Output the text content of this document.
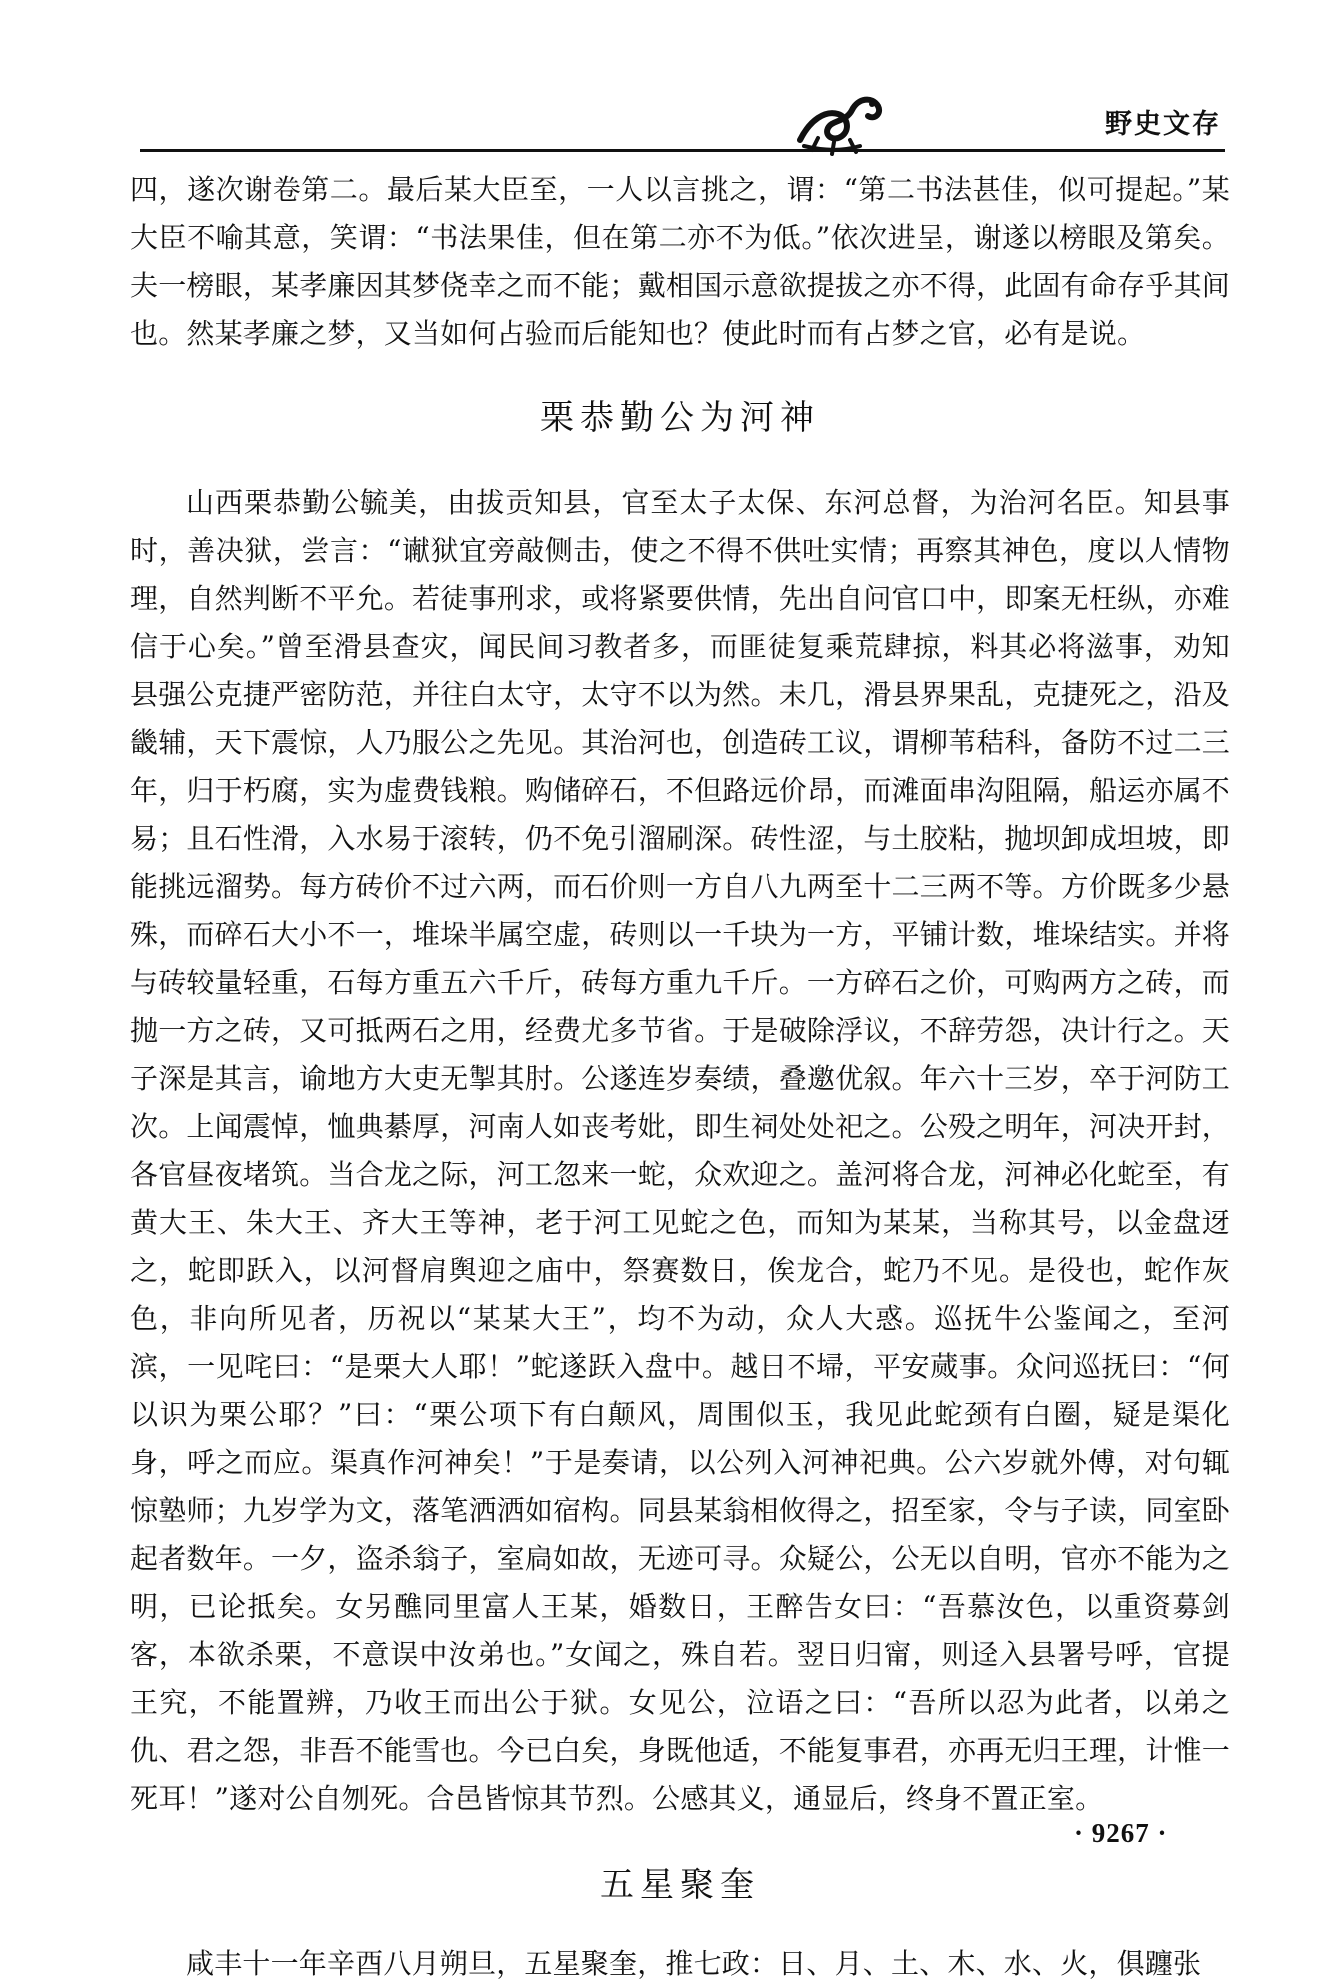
野史文存

四，遂次谢卷第二。最后某大臣至，一人以言挑之，谓：“第二书法甚佳，似可提起。”某大臣不喻其意，笑谓：“书法果佳，但在第二亦不为低。”依次进呈，谢遂以榜眼及第矣。夫一榜眼，某孝廉因其梦侥幸之而不能；戴相国示意欲提拔之亦不得，此固有命存乎其间也。然某孝廉之梦，又当如何占验而后能知也？使此时而有占梦之官，必有是说。

栗恭勤公为河神

山西栗恭勤公毓美，由拔贡知县，官至太子太保、东河总督，为治河名臣。知县事时，善决狱，尝言：“谳狱宜旁敲侧击，使之不得不供吐实情；再察其神色，度以人情物理，自然判断不平允。若徒事刑求，或将紧要供情，先出自问官口中，即案无枉纵，亦难信于心矣。”曾至滑县查灾，闻民间习教者多，而匪徒复乘荒肆掠，料其必将滋事，劝知县强公克捷严密防范，并往白太守，太守不以为然。未几，滑县界果乱，克捷死之，沿及畿辅，天下震惊，人乃服公之先见。其治河也，创造砖工议，谓柳苇秸科，备防不过二三年，归于朽腐，实为虚费钱粮。购储碎石，不但路远价昂，而滩面串沟阻隔，船运亦属不易；且石性滑，入水易于滚转，仍不免引溜刷深。砖性涩，与土胶粘，抛坝卸成坦坡，即能挑远溜势。每方砖价不过六两，而石价则一方自八九两至十二三两不等。方价既多少悬殊，而碎石大小不一，堆垛半属空虚，砖则以一千块为一方，平铺计数，堆垛结实。并将与砖较量轻重，石每方重五六千斤，砖每方重九千斤。一方碎石之价，可购两方之砖，而抛一方之砖，又可抵两石之用，经费尤多节省。于是破除浮议，不辞劳怨，决计行之。天子深是其言，谕地方大吏无掣其肘。公遂连岁奏绩，叠邀优叙。年六十三岁，卒于河防工次。上闻震悼，恤典綦厚，河南人如丧考妣，即生祠处处祀之。公殁之明年，河决开封，各官昼夜堵筑。当合龙之际，河工忽来一蛇，众欢迎之。盖河将合龙，河神必化蛇至，有黄大王、朱大王、齐大王等神，老于河工见蛇之色，而知为某某，当称其号，以金盘迓之，蛇即跃入，以河督肩舆迎之庙中，祭赛数日，俟龙合，蛇乃不见。是役也，蛇作灰色，非向所见者，历祝以“某某大王”，均不为动，众人大惑。巡抚牛公鉴闻之，至河滨，一见咤曰：“是栗大人耶！”蛇遂跃入盘中。越日不埽，平安蒇事。众问巡抚曰：“何以识为栗公耶？”曰：“栗公项下有白颠风，周围似玉，我见此蛇颈有白圈，疑是渠化身，呼之而应。渠真作河神矣！”于是奏请，以公列入河神祀典。公六岁就外傅，对句辄惊塾师；九岁学为文，落笔洒洒如宿构。同县某翁相攸得之，招至家，令与子读，同室卧起者数年。一夕，盗杀翁子，室扃如故，无迹可寻。众疑公，公无以自明，官亦不能为之明，已论抵矣。女另醮同里富人王某，婚数日，王醉告女曰：“吾慕汝色，以重资募剑客，本欲杀栗，不意误中汝弟也。”女闻之，殊自若。翌日归甯，则迳入县署号呼，官提王究，不能置辨，乃收王而出公于狱。女见公，泣语之曰：“吾所以忍为此者，以弟之仇、君之怨，非吾不能雪也。今已白矣，身既他适，不能复事君，亦再无归王理，计惟一死耳！”遂对公自刎死。合邑皆惊其节烈。公感其义，通显后，终身不置正室。

五星聚奎

咸丰十一年辛酉八月朔旦，五星聚奎，推七政：日、月、土、木、水、火，俱躔张

· 9267 ·
